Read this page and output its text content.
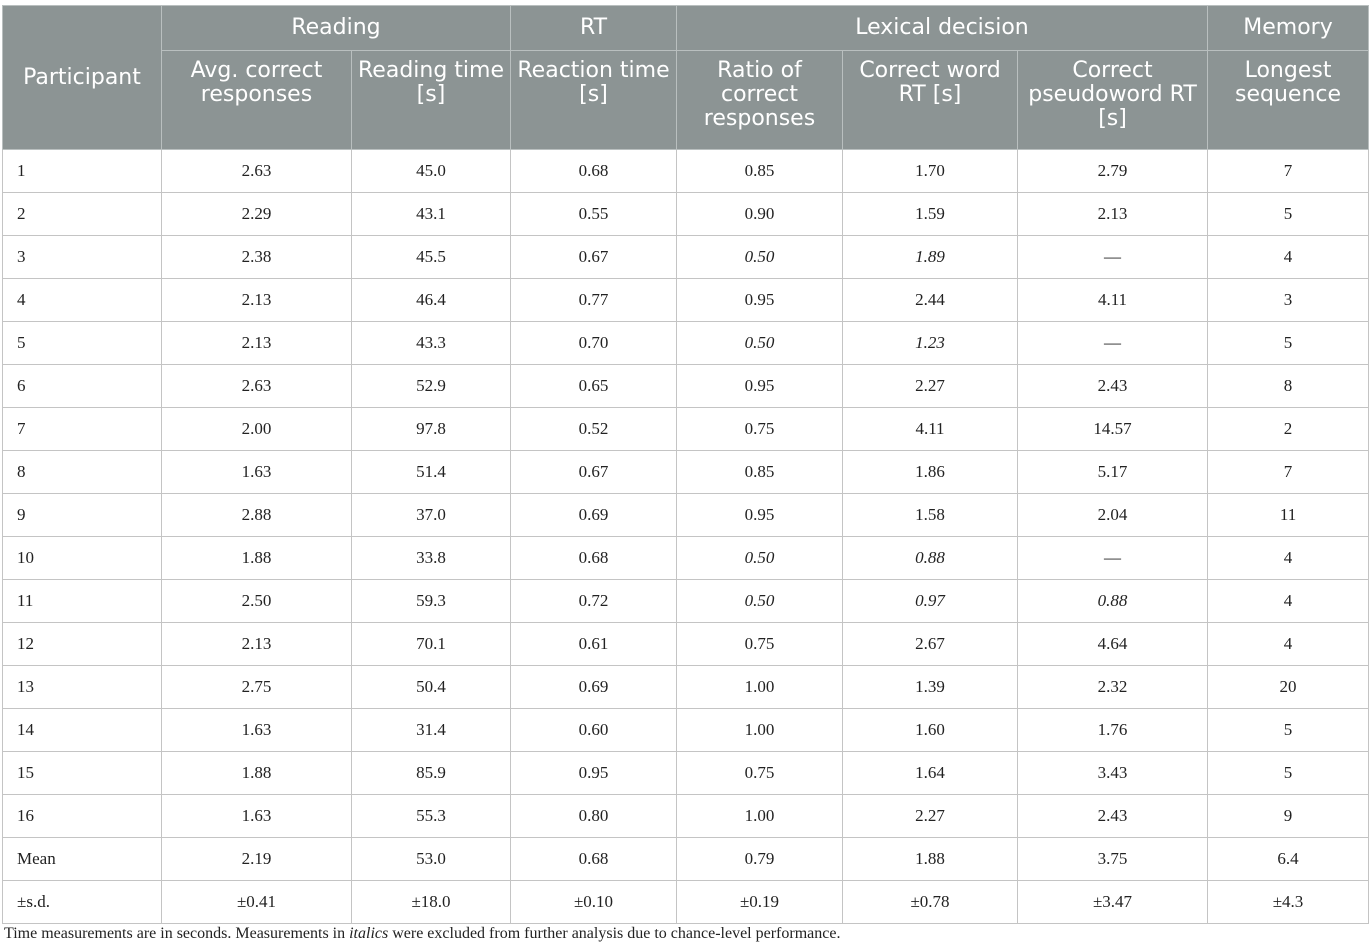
Participant	Reading		RT	Lexical decision			Memory
	Avg. correct responses	Reading time [s]	Reaction time [s]	Ratio of correct responses	Correct word RT [s]	Correct pseudoword RT [s]	Longest sequence
1	2.63	45.0	0.68	0.85	1.70	2.79	7
2	2.29	43.1	0.55	0.90	1.59	2.13	5
3	2.38	45.5	0.67	0.50	1.89	—	4
4	2.13	46.4	0.77	0.95	2.44	4.11	3
5	2.13	43.3	0.70	0.50	1.23	—	5
6	2.63	52.9	0.65	0.95	2.27	2.43	8
7	2.00	97.8	0.52	0.75	4.11	14.57	2
8	1.63	51.4	0.67	0.85	1.86	5.17	7
9	2.88	37.0	0.69	0.95	1.58	2.04	11
10	1.88	33.8	0.68	0.50	0.88	—	4
11	2.50	59.3	0.72	0.50	0.97	0.88	4
12	2.13	70.1	0.61	0.75	2.67	4.64	4
13	2.75	50.4	0.69	1.00	1.39	2.32	20
14	1.63	31.4	0.60	1.00	1.60	1.76	5
15	1.88	85.9	0.95	0.75	1.64	3.43	5
16	1.63	55.3	0.80	1.00	2.27	2.43	9
Mean	2.19	53.0	0.68	0.79	1.88	3.75	6.4
±s.d.	±0.41	±18.0	±0.10	±0.19	±0.78	±3.47	±4.3
Time measurements are in seconds. Measurements in italics were excluded from further analysis due to chance-level performance.
